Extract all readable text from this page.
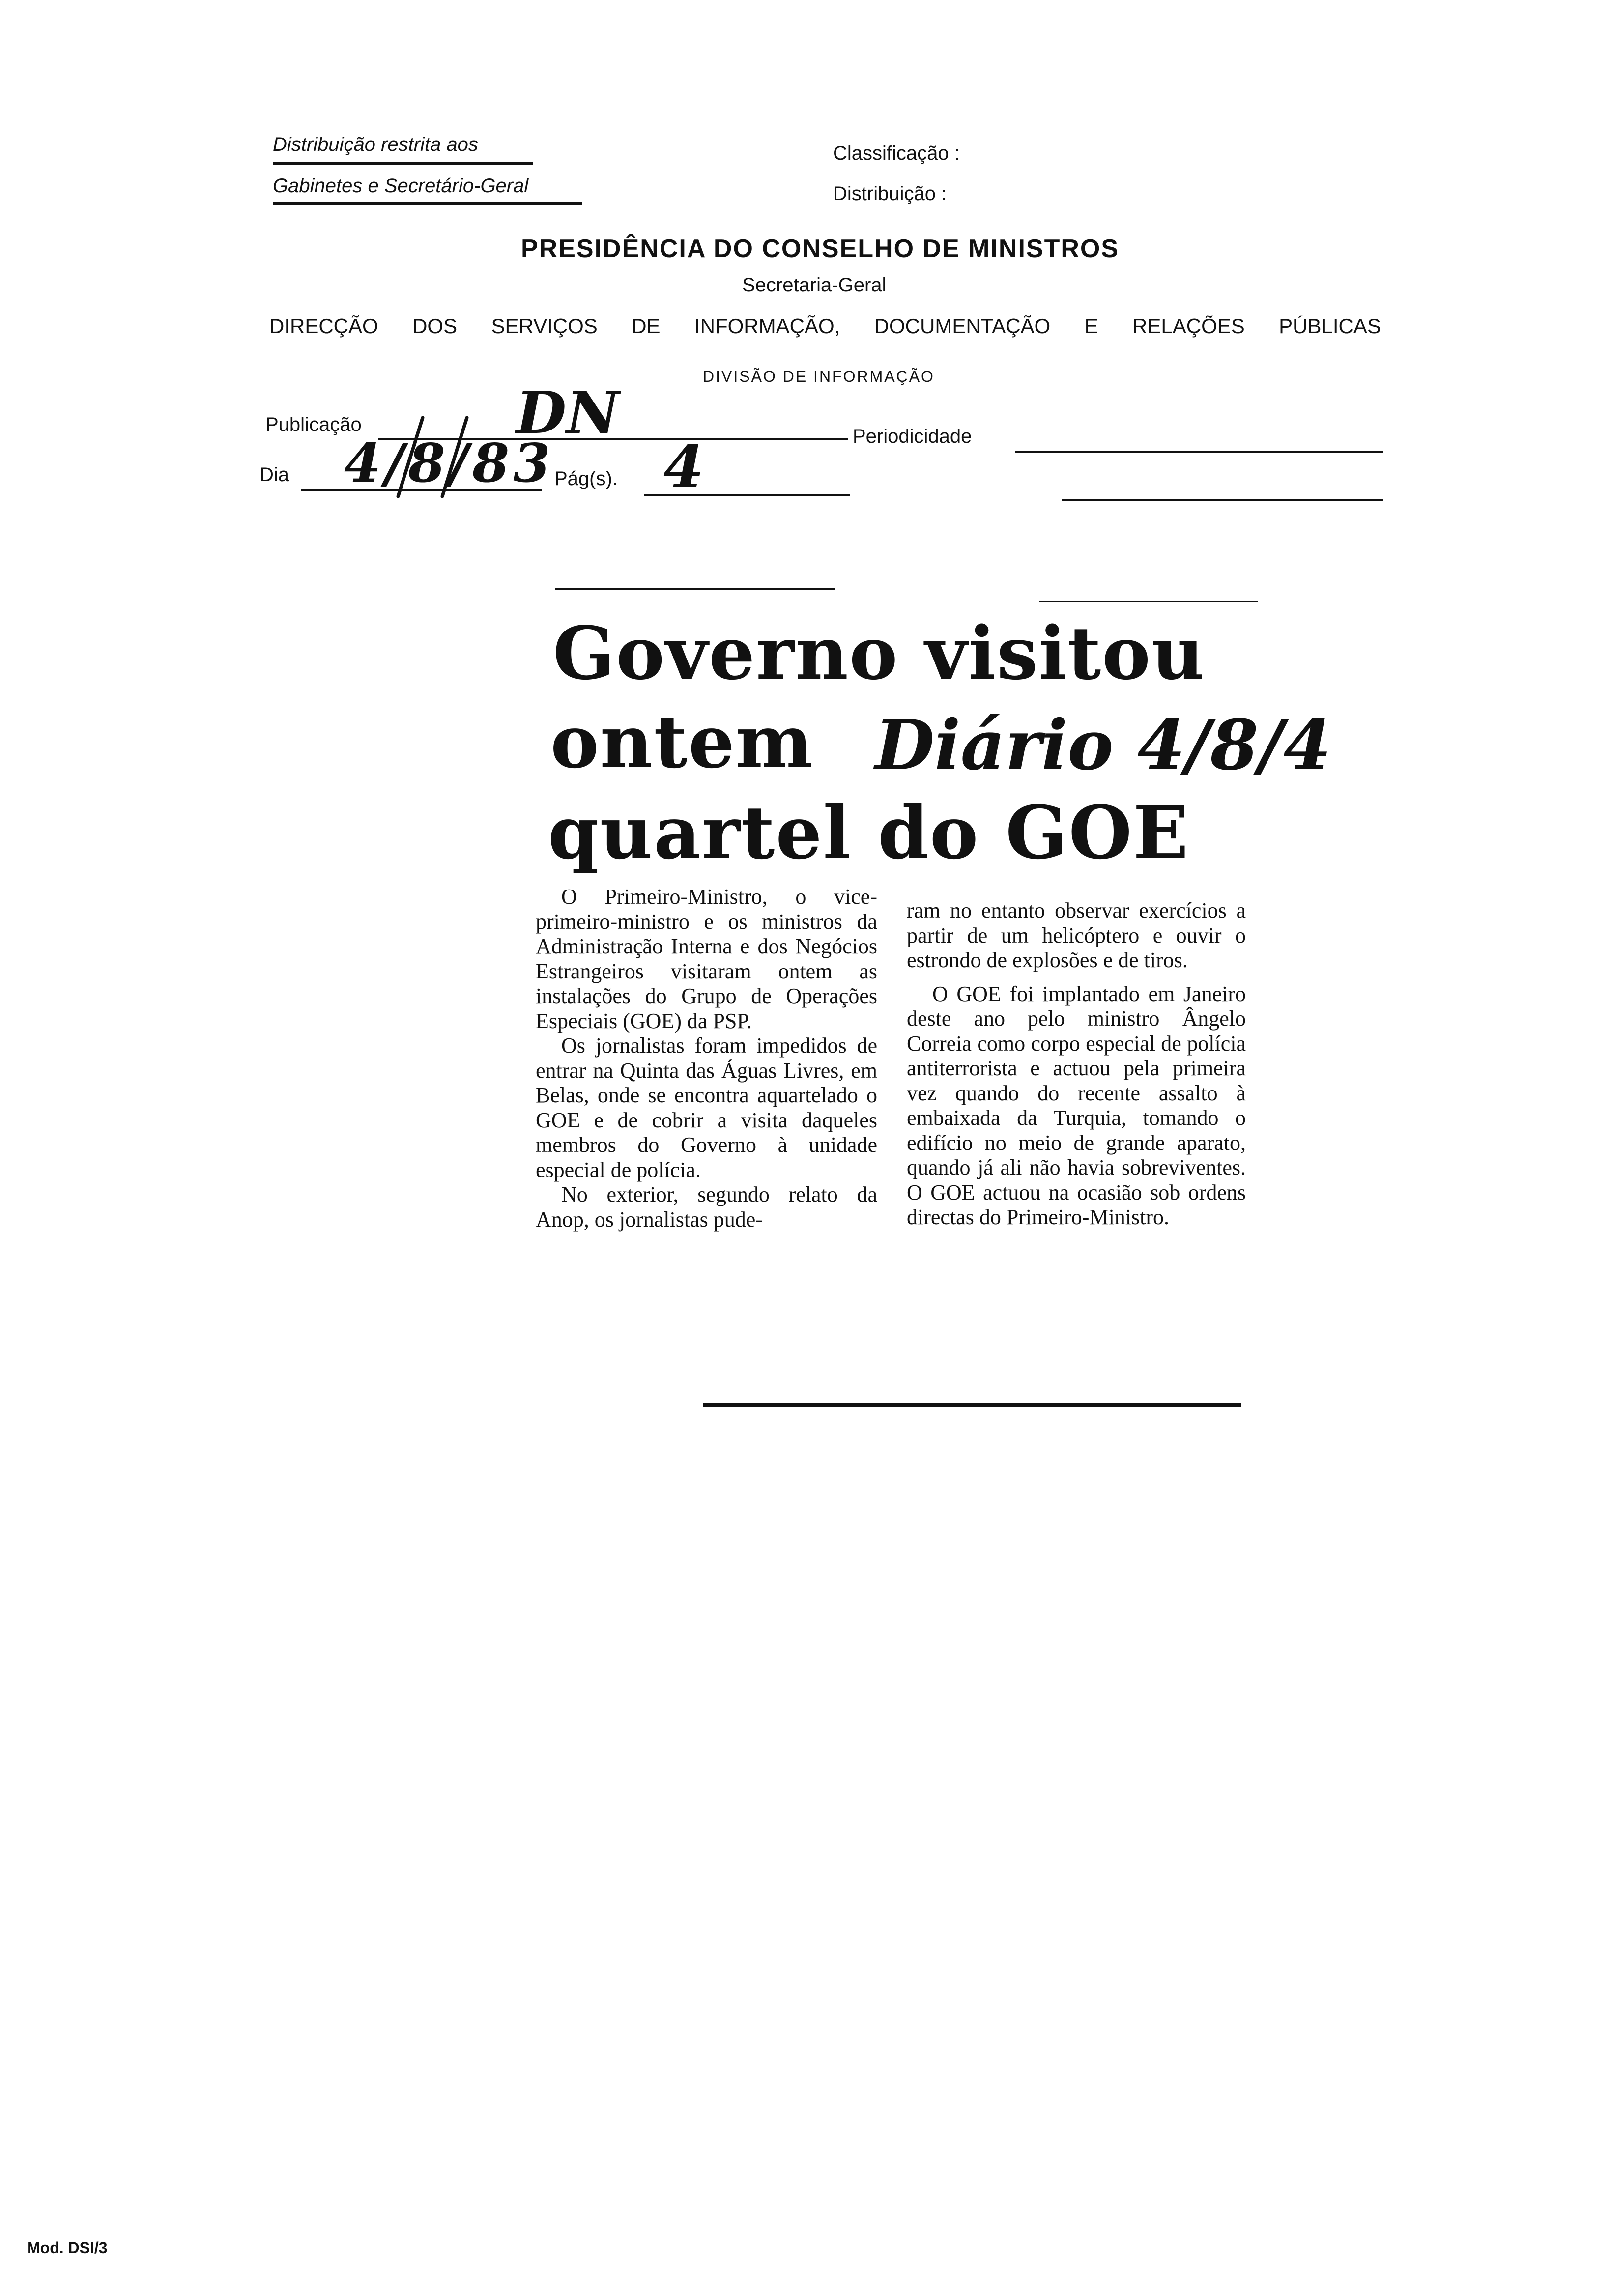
Distribuição restrita aos
Gabinetes e Secretário-Geral
Classificação :
Distribuição :
PRESIDÊNCIA DO CONSELHO DE MINISTROS
Secretaria-Geral
DIRECÇÃO DOS SERVIÇOS DE INFORMAÇÃO, DOCUMENTAÇÃO E RELAÇÕES PÚBLICAS
DIVISÃO DE INFORMAÇÃO
Publicação	DN	Periodicidade
Dia 4/8/83 Pág(s). 4
Governo visitou
ontem
quartel do GOE
Diário 4/8/4

O Primeiro-Ministro, o vice-primeiro-ministro e os ministros da Administração Interna e dos Negócios Estrangeiros visitaram ontem as instalações do Grupo de Operações Especiais (GOE) da PSP.

Os jornalistas foram impedidos de entrar na Quinta das Águas Livres, em Belas, onde se encontra aquartelado o GOE e de cobrir a visita daqueles membros do Governo à unidade especial de polícia.

No exterior, segundo relato da Anop, os jornalistas pude-

ram no entanto observar exercícios a partir de um helicóptero e ouvir o estrondo de explosões e de tiros.

O GOE foi implantado em Janeiro deste ano pelo ministro Ângelo Correia como corpo especial de polícia antiterrorista e actuou pela primeira vez quando do recente assalto à embaixada da Turquia, tomando o edifício no meio de grande aparato, quando já ali não havia sobreviventes. O GOE actuou na ocasião sob ordens directas do Primeiro-Ministro.

Mod. DSI/3
